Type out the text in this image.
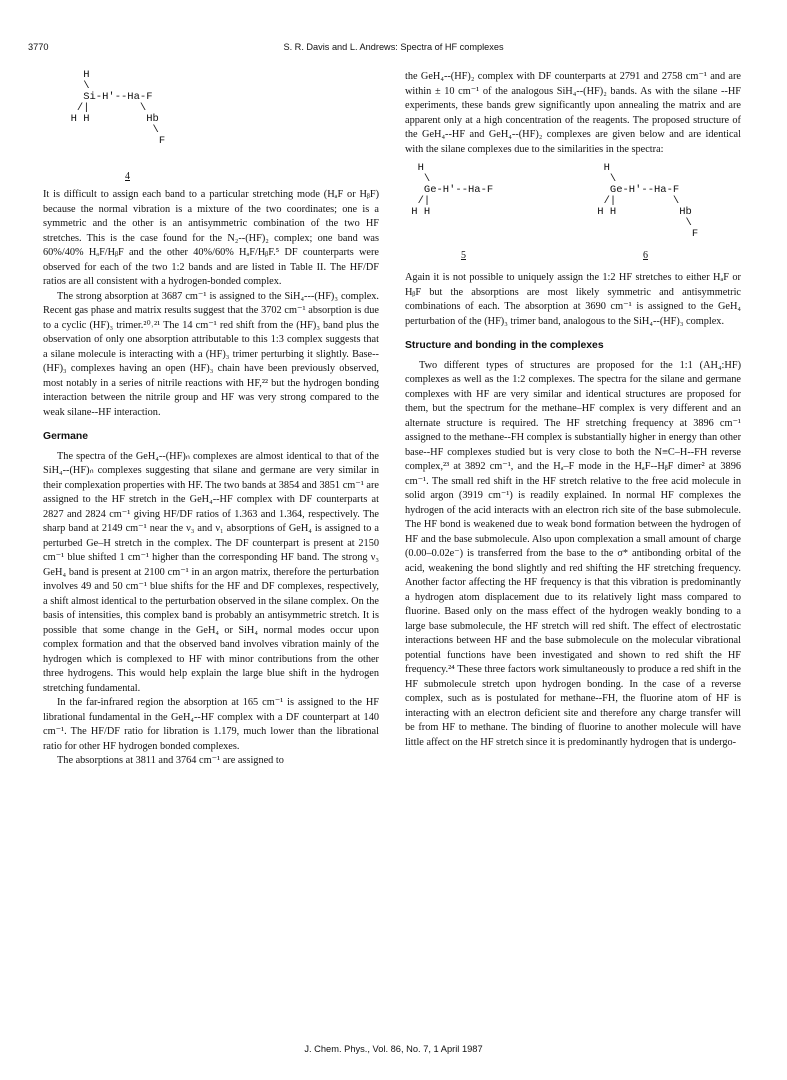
3770	S. R. Davis and L. Andrews: Spectra of HF complexes
H
\
Si-H'--Ha-F
/|        \
H H         Hb
\
F
4

It is difficult to assign each band to a particular stretching mode (HₐF or HᵦF) because the normal vibration is a mixture of the two coordinates; one is a symmetric and the other is an antisymmetric combination of the two HF stretches. This is the case found for the N₂--(HF)₂ complex; one band was 60%/40% HₐF/HᵦF and the other 40%/60% HₐF/HᵦF.⁵ DF counterparts were observed for each of the two 1:2 bands and are listed in Table II. The HF/DF ratios are all consistent with a hydrogen-bonded complex.

The strong absorption at 3687 cm⁻¹ is assigned to the SiH₄---(HF)₃ complex. Recent gas phase and matrix results suggest that the 3702 cm⁻¹ absorption is due to a cyclic (HF)₃ trimer.²⁰˒²¹ The 14 cm⁻¹ red shift from the (HF)₃ band plus the observation of only one absorption attributable to this 1:3 complex suggests that a silane molecule is interacting with a (HF)₃ trimer perturbing it slightly. Base--(HF)₃ complexes having an open (HF)₃ chain have been previously observed, most notably in a series of nitrile reactions with HF,²² but the hydrogen bonding interaction between the nitrile group and HF was very strong compared to the weak silane--HF interaction.

Germane

The spectra of the GeH₄--(HF)ₙ complexes are almost identical to that of the SiH₄--(HF)ₙ complexes suggesting that silane and germane are very similar in their complexation properties with HF. The two bands at 3854 and 3851 cm⁻¹ are assigned to the HF stretch in the GeH₄--HF complex with DF counterparts at 2827 and 2824 cm⁻¹ giving HF/DF ratios of 1.363 and 1.364, respectively. The sharp band at 2149 cm⁻¹ near the ν₃ and ν₁ absorptions of GeH₄ is assigned to a perturbed Ge–H stretch in the complex. The DF counterpart is present at 2150 cm⁻¹ blue shifted 1 cm⁻¹ higher than the corresponding HF band. The strong ν₃ GeH₄ band is present at 2100 cm⁻¹ in an argon matrix, therefore the perturbation involves 49 and 50 cm⁻¹ blue shifts for the HF and DF complexes, respectively, a shift almost identical to the perturbation observed in the silane complex. On the basis of intensities, this complex band is probably an antisymmetric stretch. It is possible that some change in the GeH₄ or SiH₄ normal modes occur upon complex formation and that the observed band involves vibration mainly of the hydrogen which is complexed to HF with minor contributions from the other three hydrogens. This would help explain the large blue shift in the hydrogen stretching fundamental.

In the far-infrared region the absorption at 165 cm⁻¹ is assigned to the HF librational fundamental in the GeH₄--HF complex with a DF counterpart at 140 cm⁻¹. The HF/DF ratio for libration is 1.179, much lower than the librational ratio for other HF hydrogen bonded complexes.

The absorptions at 3811 and 3764 cm⁻¹ are assigned to

the GeH₄--(HF)₂ complex with DF counterparts at 2791 and 2758 cm⁻¹ and are within ± 10 cm⁻¹ of the analogous SiH₄--(HF)₂ bands. As with the silane --HF experiments, these bands grew significantly upon annealing the matrix and are apparent only at a high concentration of the reagents. The proposed structure of the GeH₄--HF and GeH₄--(HF)₂ complexes are given below and are identical with the silane complexes due to the similarities in the spectra:

H
\
Ge-H'--Ha-F
/|
H H
5
H
\
Ge-H'--Ha-F
/|         \
H H          Hb
\
F
6

Again it is not possible to uniquely assign the 1:2 HF stretches to either HₐF or HᵦF but the absorptions are most likely symmetric and antisymmetric combinations of each. The absorption at 3690 cm⁻¹ is assigned to the GeH₄ perturbation of the (HF)₃ trimer band, analogous to the SiH₄--(HF)₃ complex.

Structure and bonding in the complexes

Two different types of structures are proposed for the 1:1 (AH₄:HF) complexes as well as the 1:2 complexes. The spectra for the silane and germane complexes with HF are very similar and identical structures are proposed for them, but the spectrum for the methane–HF complex is very different and an alternate structure is required. The HF stretching frequency at 3896 cm⁻¹ assigned to the methane--FH complex is substantially higher in energy than other base--HF complexes studied but is very close to both the N≡C–H--FH reverse complex,²³ at 3892 cm⁻¹, and the Hₐ–F mode in the HₐF--HᵦF dimer² at 3896 cm⁻¹. The small red shift in the HF stretch relative to the free acid molecule in solid argon (3919 cm⁻¹) is readily explained. In normal HF complexes the hydrogen of the acid interacts with an electron rich site of the base submolecule. The HF bond is weakened due to weak bond formation between the hydrogen of HF and the base submolecule. Also upon complexation a small amount of charge (0.00–0.02e⁻) is transferred from the base to the σ* antibonding orbital of the acid, weakening the bond slightly and red shifting the HF stretching frequency. Another factor affecting the HF frequency is that this vibration is predominantly a hydrogen atom displacement due to its relatively light mass compared to fluorine. Based only on the mass effect of the hydrogen weakly bonding to a large base submolecule, the HF stretch will red shift. The effect of electrostatic interactions between HF and the base submolecule on the molecular vibrational potential functions have been investigated and shown to red shift the HF frequency.²⁴ These three factors work simultaneously to produce a red shift in the HF submolecule stretch upon hydrogen bonding. In the case of a reverse complex, such as is postulated for methane--FH, the fluorine atom of HF is interacting with an electron deficient site and therefore any charge transfer will be from HF to methane. The binding of fluorine to another molecule will have little affect on the HF stretch since it is predominantly hydrogen that is undergo-

J. Chem. Phys., Vol. 86, No. 7, 1 April 1987
